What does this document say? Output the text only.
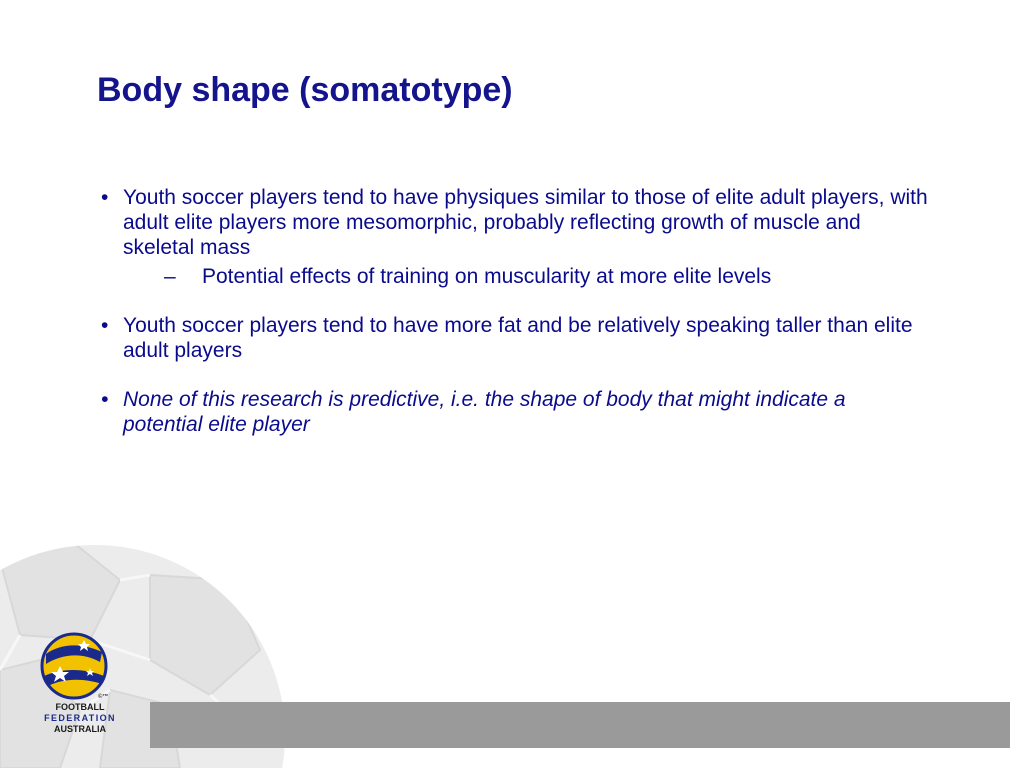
©™
FOOTBALL
FEDERATION
AUSTRALIA
Body shape (somatotype)
• Youth soccer players tend to have physiques similar to those of elite adult players, with adult elite players more mesomorphic, probably reflecting growth of muscle and skeletal mass
– Potential effects of training on muscularity at more elite levels
• Youth soccer players tend to have more fat and be relatively speaking taller than elite adult players
• None of this research is predictive, i.e. the shape of body that might indicate a potential elite player
